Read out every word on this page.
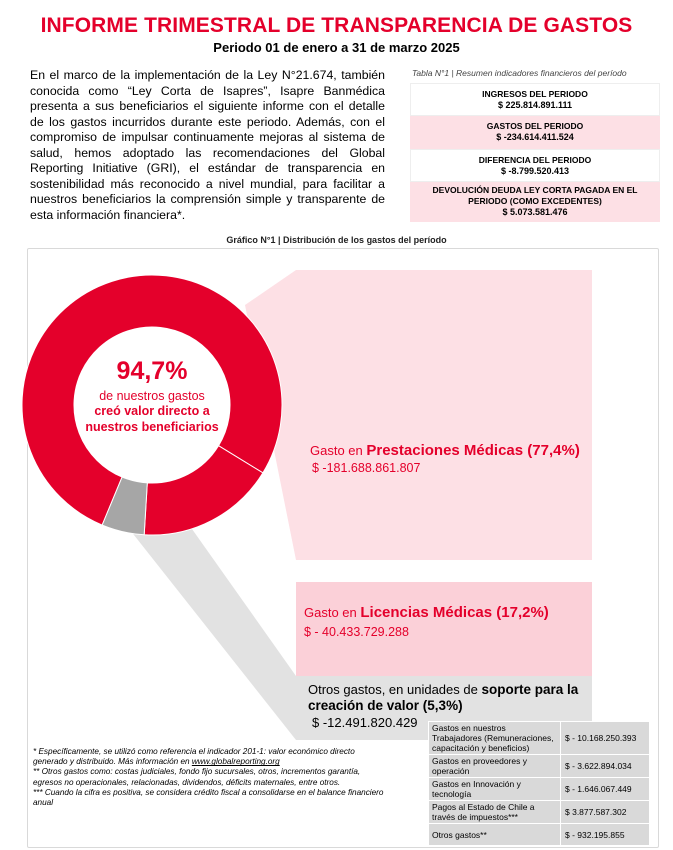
INFORME TRIMESTRAL DE TRANSPARENCIA DE GASTOS
Periodo 01 de enero a 31 de marzo 2025
En el marco de la implementación de la Ley N°21.674, también conocida como “Ley Corta de Isapres”, Isapre Banmédica presenta a sus beneficiarios el siguiente informe con el detalle de los gastos incurridos durante este periodo. Además, con el compromiso de impulsar continuamente mejoras al sistema de salud, hemos adoptado las recomendaciones del Global Reporting Initiative (GRI), el estándar de transparencia en sostenibilidad más reconocido a nivel mundial, para facilitar a nuestros beneficiarios la comprensión simple y transparente de esta información financiera*.
Tabla N°1 | Resumen indicadores financieros del período
INGRESOS DEL PERIODO
$ 225.814.891.111
GASTOS DEL PERIODO
$ -234.614.411.524
DIFERENCIA DEL PERIODO
$ -8.799.520.413
DEVOLUCIÓN DEUDA LEY CORTA PAGADA EN EL PERIODO (COMO EXCEDENTES)
$ 5.073.581.476
Gráfico N°1 | Distribución de los gastos del período
94,7%
de nuestros gastos
creó valor directo a nuestros beneficiarios
Gasto en Prestaciones Médicas (77,4%)
$ -181.688.861.807
Gasto en Licencias Médicas (17,2%)
$ - 40.433.729.288
Otros gastos, en unidades de soporte para la creación de valor (5,3%)
$ -12.491.820.429
* Específicamente, se utilizó como referencia el indicador 201-1: valor económico directo generado y distribuido. Más información en www.globalreporting.org
** Otros gastos como: costas judiciales, fondo fijo sucursales, otros, incrementos garantía, egresos no operacionales, relacionadas, dividendos, déficits maternales, entre otros.
*** Cuando la cifra es positiva, se considera crédito fiscal a consolidarse en el balance financiero anual
Gastos en nuestros Trabajadores (Remuneraciones, capacitación y beneficios)	$ - 10.168.250.393
Gastos en proveedores y operación	$ - 3.622.894.034
Gastos en Innovación y tecnología	$ - 1.646.067.449
Pagos al Estado de Chile a través de impuestos***	$ 3.877.587.302
Otros gastos**	$ - 932.195.855
